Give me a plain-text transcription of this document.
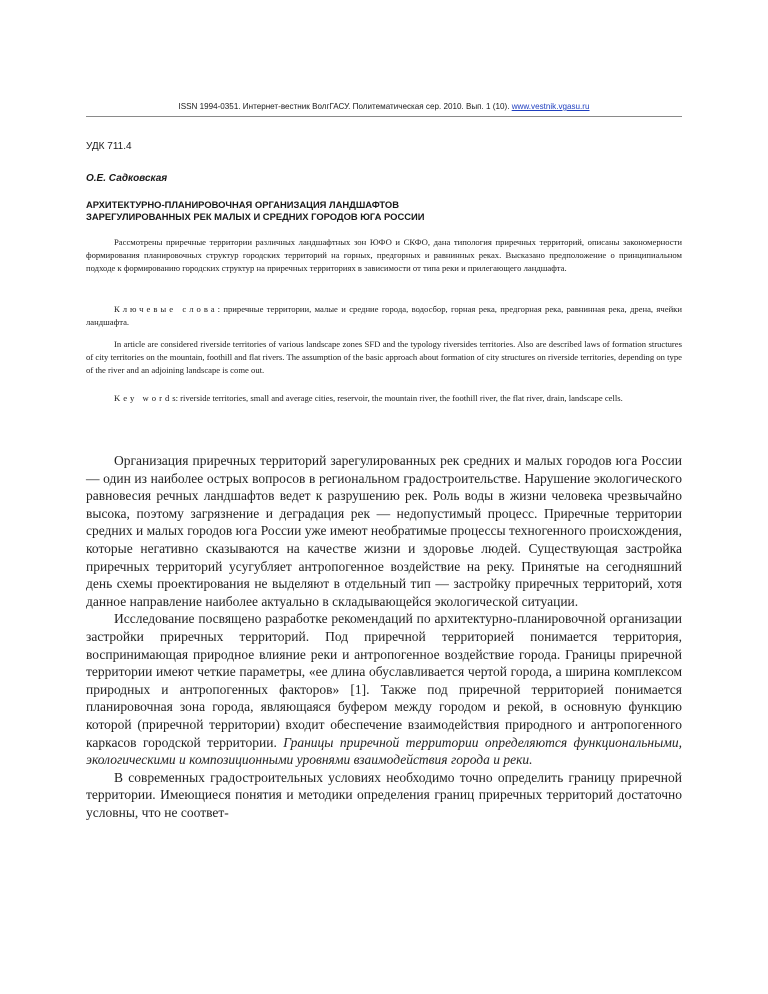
ISSN 1994-0351. Интернет-вестник ВолгГАСУ. Политематическая сер. 2010. Вып. 1 (10). www.vestnik.vgasu.ru
УДК 711.4
О.Е. Садковская
АРХИТЕКТУРНО-ПЛАНИРОВОЧНАЯ ОРГАНИЗАЦИЯ ЛАНДШАФТОВ
ЗАРЕГУЛИРОВАННЫХ РЕК МАЛЫХ И СРЕДНИХ ГОРОДОВ ЮГА РОССИИ
Рассмотрены приречные территории различных ландшафтных зон ЮФО и СКФО, дана типология приречных территорий, описаны закономерности формирования планировочных структур городских территорий на горных, предгорных и равнинных реках. Высказано предположение о принципиальном подходе к формированию городских структур на приречных территориях в зависимости от типа реки и прилегающего ландшафта.
Ключевые слова: приречные территории, малые и средние города, водосбор, горная река, предгорная река, равнинная река, дрена, ячейки ландшафта.
In article are considered riverside territories of various landscape zones SFD and the typology riversides territories. Also are described laws of formation structures of city territories on the mountain, foothill and flat rivers. The assumption of the basic approach about formation of city structures on riverside territories, depending on type of the river and an adjoining landscape is come out.
Key words: riverside territories, small and average cities, reservoir, the mountain river, the foothill river, the flat river, drain, landscape cells.

Организация приречных территорий зарегулированных рек средних и малых городов юга России — один из наиболее острых вопросов в региональном градостроительстве. Нарушение экологического равновесия речных ландшафтов ведет к разрушению рек. Роль воды в жизни человека чрезвычайно высока, поэтому загрязнение и деградация рек — недопустимый процесс. Приречные территории средних и малых городов юга России уже имеют необратимые процессы техногенного происхождения, которые негативно сказываются на качестве жизни и здоровье людей. Существующая застройка приречных территорий усугубляет антропогенное воздействие на реку. Принятые на сегодняшний день схемы проектирования не выделяют в отдельный тип — застройку приречных территорий, хотя данное направление наиболее актуально в складывающейся экологической ситуации.

Исследование посвящено разработке рекомендаций по архитектурно-планировочной организации застройки приречных территорий. Под приречной территорией понимается территория, воспринимающая природное влияние реки и антропогенное воздействие города. Границы приречной территории имеют четкие параметры, «ее длина обуславливается чертой города, а ширина комплексом природных и антропогенных факторов» [1]. Также под приречной территорией понимается планировочная зона города, являющаяся буфером между городом и рекой, в основную функцию которой (приречной территории) входит обеспечение взаимодействия природного и антропогенного каркасов городской территории. Границы приречной территории определяются функциональными, экологическими и композиционными уровнями взаимодействия города и реки.

В современных градостроительных условиях необходимо точно определить границу приречной территории. Имеющиеся понятия и методики определения границ приречных территорий достаточно условны, что не соответ-
